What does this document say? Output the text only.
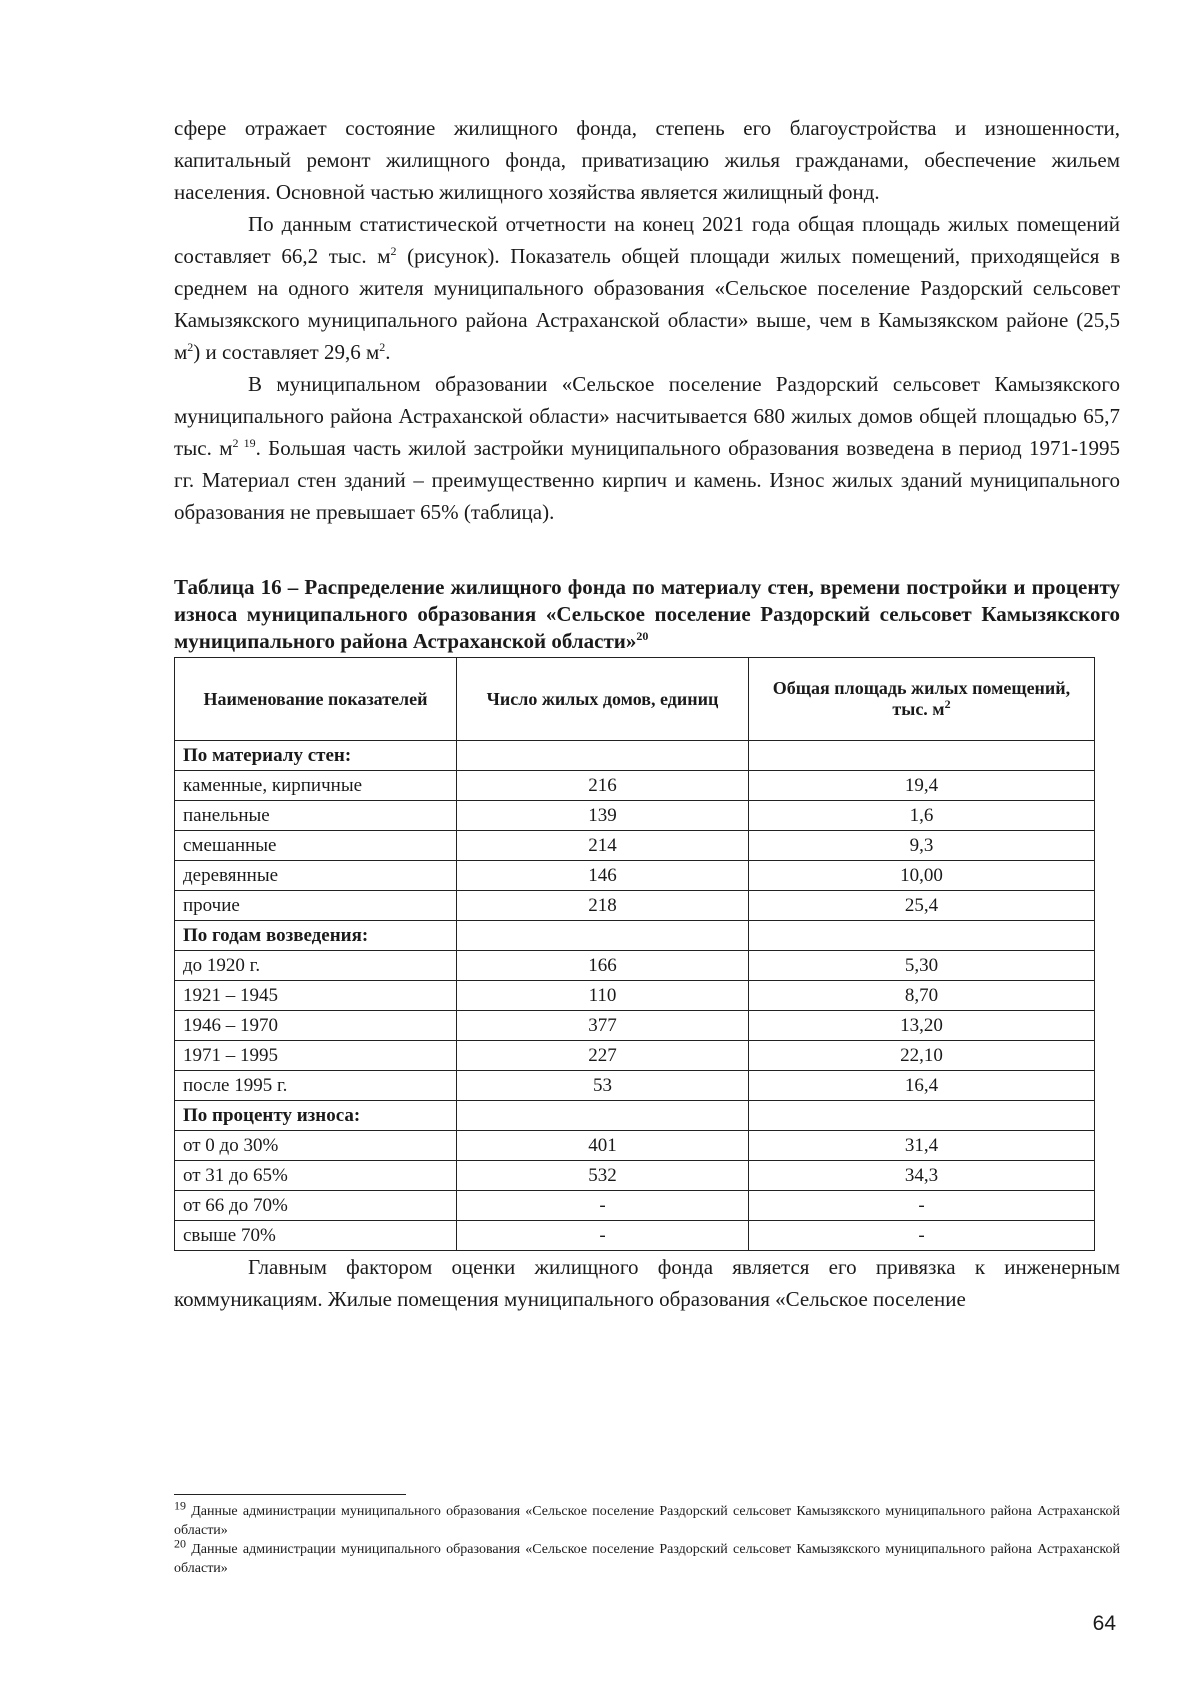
сфере отражает состояние жилищного фонда, степень его благоустройства и изношенности, капитальный ремонт жилищного фонда, приватизацию жилья гражданами, обеспечение жильем населения. Основной частью жилищного хозяйства является жилищный фонд.

По данным статистической отчетности на конец 2021 года общая площадь жилых помещений составляет 66,2 тыс. $м^2$ (рисунок). Показатель общей площади жилых помещений, приходящейся в среднем на одного жителя муниципального образования «Сельское поселение Раздорский сельсовет Камызякского муниципального района Астраханской области» выше, чем в Камызякском районе (25,5 $м^2$) и составляет 29,6 $м^2$.

В муниципальном образовании «Сельское поселение Раздорский сельсовет Камызякского муниципального района Астраханской области» насчитывается 680 жилых домов общей площадью 65,7 тыс. $м^{2 19}$. Большая часть жилой застройки муниципального образования возведена в период 1971-1995 гг. Материал стен зданий – преимущественно кирпич и камень. Износ жилых зданий муниципального образования не превышает 65% (таблица).

Таблица 16 – Распределение жилищного фонда по материалу стен, времени постройки и проценту износа муниципального образования «Сельское поселение Раздорский сельсовет Камызякского муниципального района Астраханской области»$^{20}$

Наименование показателей	Число жилых домов, единиц	Общая площадь жилых помещений, тыс. $м^2$
По материалу стен:		
каменные, кирпичные	216	19,4
панельные	139	1,6
смешанные	214	9,3
деревянные	146	10,00
прочие	218	25,4
По годам возведения:		
до 1920 г.	166	5,30
1921 – 1945	110	8,70
1946 – 1970	377	13,20
1971 – 1995	227	22,10
после 1995 г.	53	16,4
По проценту износа:		
от 0 до 30%	401	31,4
от 31 до 65%	532	34,3
от 66 до 70%	-	-
свыше 70%	-	-

Главным фактором оценки жилищного фонда является его привязка к инженерным коммуникациям. Жилые помещения муниципального образования «Сельское поселение

$^{19}$ Данные администрации муниципального образования «Сельское поселение Раздорский сельсовет Камызякского муниципального района Астраханской области»

$^{20}$ Данные администрации муниципального образования «Сельское поселение Раздорский сельсовет Камызякского муниципального района Астраханской области»

64
